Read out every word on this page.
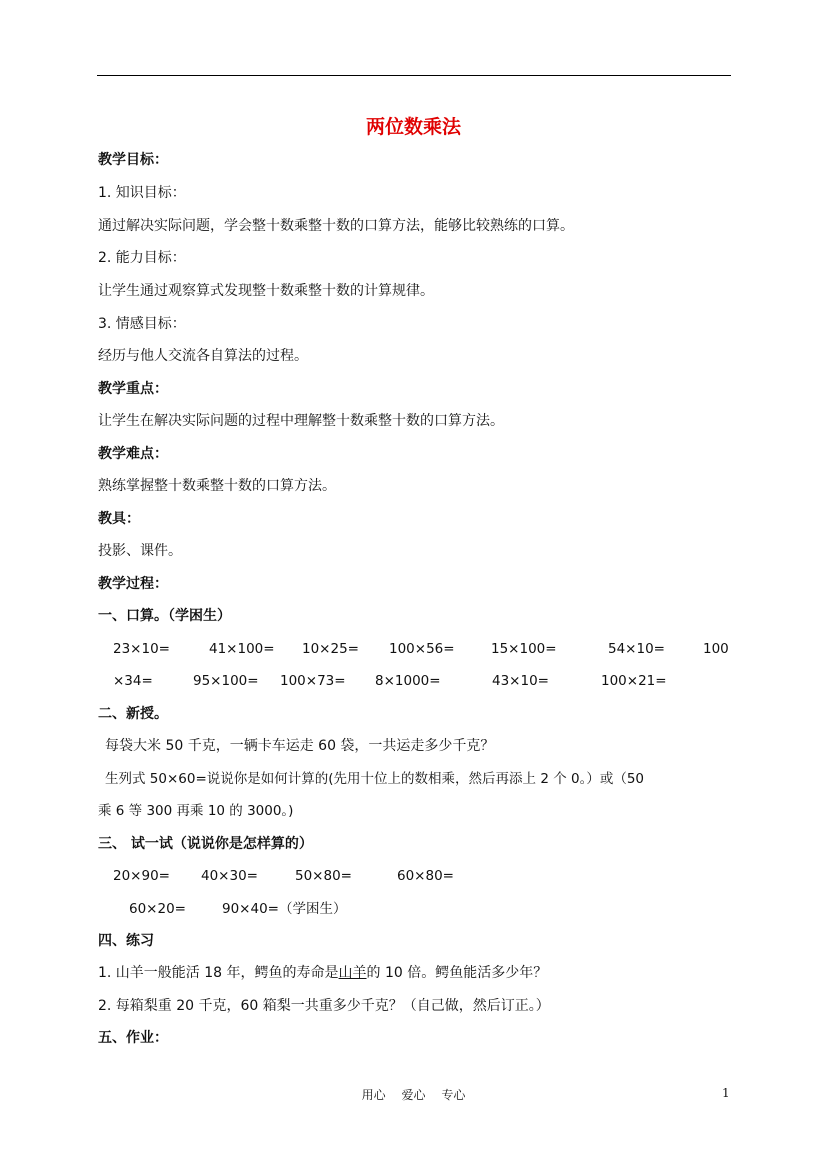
两位数乘法
教学目标：
1. 知识目标：
通过解决实际问题，学会整十数乘整十数的口算方法，能够比较熟练的口算。
2. 能力目标：
让学生通过观察算式发现整十数乘整十数的计算规律。
3. 情感目标：
经历与他人交流各自算法的过程。
教学重点：
让学生在解决实际问题的过程中理解整十数乘整十数的口算方法。
教学难点：
熟练掌握整十数乘整十数的口算方法。
教具：
投影、课件。
教学过程：
一、口算。（学困生）
23×10=	41×100= 10×25= 100×56=	15×100=	54×10=	100
×34=	95×100= 100×73= 8×1000=	43×10=	100×21=
二、新授。
每袋大米 50 千克，一辆卡车运走 60 袋，一共运走多少千克？
生列式 50×60=说说你是如何计算的(先用十位上的数相乘，然后再添上 2 个 0。）或（50
乘 6 等 300 再乘 10 的 3000。)
三、 试一试（说说你是怎样算的）
20×90= 40×30=	50×80=	60×80=
60×20=	90×40=（学困生）
四、练习
1. 山羊一般能活 18 年，鳄鱼的寿命是山羊的 10 倍。鳄鱼能活多少年？
2. 每箱梨重 20 千克，60 箱梨一共重多少千克？（自己做，然后订正。）
五、作业：
用心 爱心 专心	1
